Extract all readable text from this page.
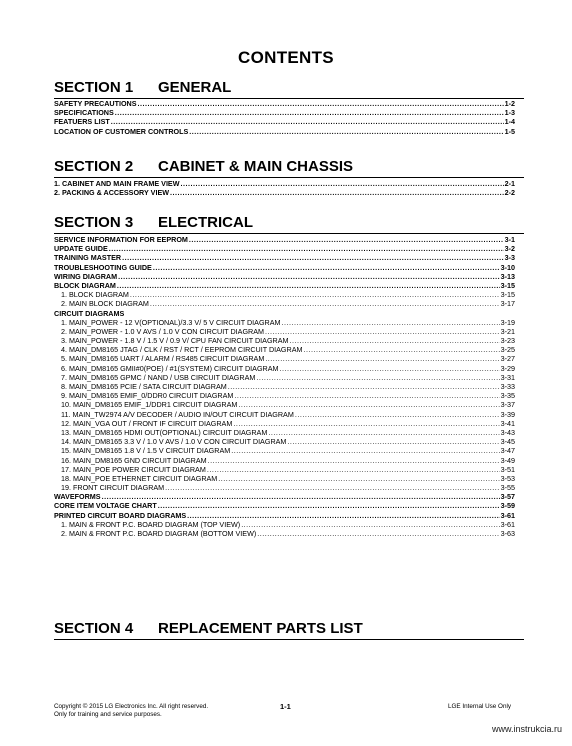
CONTENTS
SECTION 1 GENERAL
SAFETY PRECAUTIONS .....	1-2
SPECIFICATIONS .....	1-3
FEATUERS LIST .....	1-4
LOCATION OF CUSTOMER CONTROLS .....	1-5
SECTION 2 CABINET & MAIN CHASSIS
1. CABINET AND MAIN FRAME VIEW .....	2-1
2. PACKING & ACCESSORY VIEW .....	2-2
SECTION 3 ELECTRICAL
SERVICE INFORMATION FOR EEPROM .....	3-1
UPDATE GUIDE .....	3-2
TRAINING MASTER .....	3-3
TROUBLESHOOTING GUIDE .....	3-10
WIRING DIAGRAM .....	3-13
BLOCK DIAGRAM .....	3-15
1. BLOCK DIAGRAM .....	3-15
2. MAIN BLOCK DIAGRAM .....	3-17
CIRCUIT DIAGRAMS
1. MAIN_POWER - 12 V(OPTIONAL)/3.3 V/ 5 V CIRCUIT DIAGRAM .....	3-19
2. MAIN_POWER - 1.0 V AVS / 1.0 V CON CIRCUIT DIAGRAM .....	3-21
3. MAIN_POWER - 1.8 V / 1.5 V / 0.9 V/ CPU FAN CIRCUIT DIAGRAM .....	3-23
4. MAIN_DM8165 JTAG / CLK / RST / RCT / EEPROM CIRCUIT DIAGRAM .....	3-25
5. MAIN_DM8165 UART / ALARM / RS485 CIRCUIT DIAGRAM .....	3-27
6. MAIN_DM8165 GMII#0(POE) / #1(SYSTEM) CIRCUIT DIAGRAM .....	3-29
7. MAIN_DM8165 GPMC / NAND / USB CIRCUIT DIAGRAM .....	3-31
8. MAIN_DM8165 PCIE / SATA CIRCUIT DIAGRAM .....	3-33
9. MAIN_DM8165 EMIF_0/DDR0 CIRCUIT DIAGRAM .....	3-35
10. MAIN_DM8165 EMIF_1/DDR1 CIRCUIT DIAGRAM .....	3-37
11. MAIN_TW2974 A/V DECODER / AUDIO IN/OUT CIRCUIT DIAGRAM .....	3-39
12. MAIN_VGA OUT / FRONT IF CIRCUIT DIAGRAM .....	3-41
13. MAIN_DM8165 HDMI OUT(OPTIONAL) CIRCUIT DIAGRAM .....	3-43
14. MAIN_DM8165 3.3 V / 1.0 V AVS / 1.0 V CON CIRCUIT DIAGRAM .....	3-45
15. MAIN_DM8165 1.8 V / 1.5 V CIRCUIT DIAGRAM .....	3-47
16. MAIN_DM8165 GND CIRCUIT DIAGRAM .....	3-49
17. MAIN_POE POWER CIRCUIT DIAGRAM .....	3-51
18. MAIN_POE ETHERNET CIRCUIT DIAGRAM .....	3-53
19. FRONT CIRCUIT DIAGRAM .....	3-55
WAVEFORMS .....	3-57
CORE ITEM VOLTAGE CHART .....	3-59
PRINTED CIRCUIT BOARD DIAGRAMS .....	3-61
1. MAIN & FRONT P.C. BOARD DIAGRAM (TOP VIEW) .....	3-61
2. MAIN & FRONT P.C. BOARD DIAGRAM (BOTTOM VIEW) .....	3-63
SECTION 4 REPLACEMENT PARTS LIST
Copyright © 2015 LG Electronics Inc. All right reserved.
Only for training and service purposes.
1-1	LGE Internal Use Only
www.instrukcia.ru
